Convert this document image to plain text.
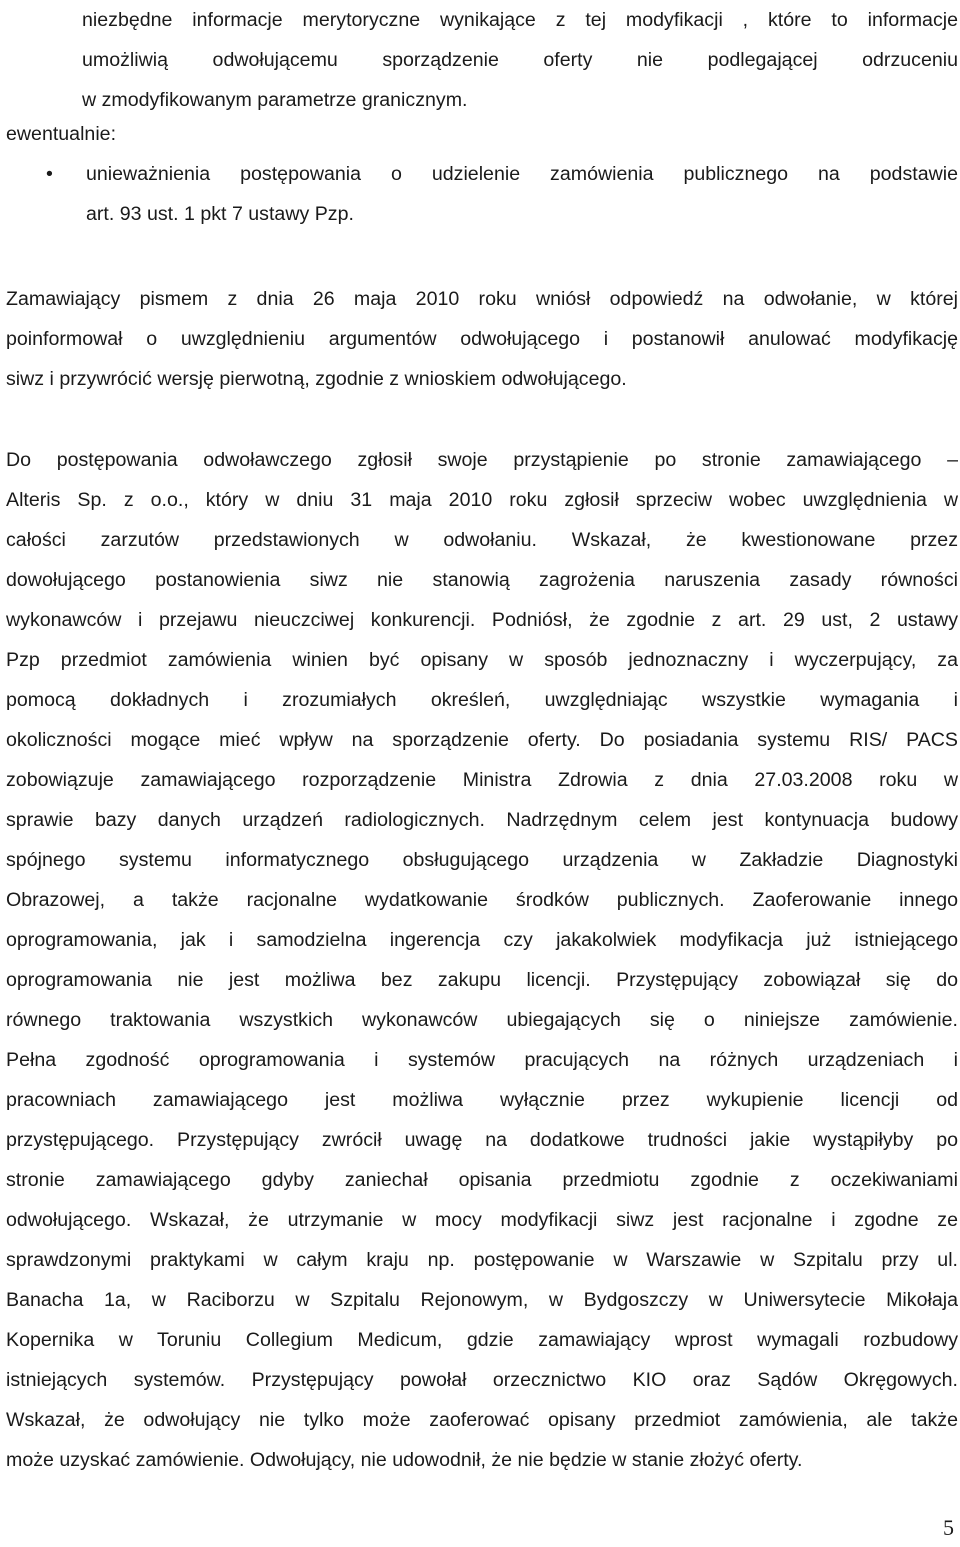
niezbędne informacje merytoryczne wynikające z tej modyfikacji , które to informacje
umożliwią odwołującemu sporządzenie oferty nie podlegającej odrzuceniu
w zmodyfikowanym parametrze granicznym.
ewentualnie:
• unieważnienia postępowania o udzielenie zamówienia publicznego na podstawie
art. 93 ust. 1 pkt 7 ustawy Pzp.
Zamawiający pismem z dnia 26 maja 2010 roku wniósł odpowiedź na odwołanie, w której
poinformował o uwzględnieniu argumentów odwołującego i postanowił anulować modyfikację
siwz i przywrócić wersję pierwotną, zgodnie z wnioskiem odwołującego.
Do postępowania odwoławczego zgłosił swoje przystąpienie po stronie zamawiającego –
Alteris Sp. z o.o., który w dniu 31 maja 2010 roku zgłosił sprzeciw wobec uwzględnienia w
całości zarzutów przedstawionych w odwołaniu. Wskazał, że kwestionowane przez
dowołującego postanowienia siwz nie stanowią zagrożenia naruszenia zasady równości
wykonawców i przejawu nieuczciwej konkurencji. Podniósł, że zgodnie z art. 29 ust, 2 ustawy
Pzp przedmiot zamówienia winien być opisany w sposób jednoznaczny i wyczerpujący, za
pomocą dokładnych i zrozumiałych określeń, uwzględniając wszystkie wymagania i
okoliczności mogące mieć wpływ na sporządzenie oferty. Do posiadania systemu RIS/ PACS
zobowiązuje zamawiającego rozporządzenie Ministra Zdrowia z dnia 27.03.2008 roku w
sprawie bazy danych urządzeń radiologicznych. Nadrzędnym celem jest kontynuacja budowy
spójnego systemu informatycznego obsługującego urządzenia w Zakładzie Diagnostyki
Obrazowej, a także racjonalne wydatkowanie środków publicznych. Zaoferowanie innego
oprogramowania, jak i samodzielna ingerencja czy jakakolwiek modyfikacja już istniejącego
oprogramowania nie jest możliwa bez zakupu licencji. Przystępujący zobowiązał się do
równego traktowania wszystkich wykonawców ubiegających się o niniejsze zamówienie.
Pełna zgodność oprogramowania i systemów pracujących na różnych urządzeniach i
pracowniach zamawiającego jest możliwa wyłącznie przez wykupienie licencji od
przystępującego. Przystępujący zwrócił uwagę na dodatkowe trudności jakie wystąpiłyby po
stronie zamawiającego gdyby zaniechał opisania przedmiotu zgodnie z oczekiwaniami
odwołującego. Wskazał, że utrzymanie w mocy modyfikacji siwz jest racjonalne i zgodne ze
sprawdzonymi praktykami w całym kraju np. postępowanie w Warszawie w Szpitalu przy ul.
Banacha 1a, w Raciborzu w Szpitalu Rejonowym, w Bydgoszczy w Uniwersytecie Mikołaja
Kopernika w Toruniu Collegium Medicum, gdzie zamawiający wprost wymagali rozbudowy
istniejących systemów. Przystępujący powołał orzecznictwo KIO oraz Sądów Okręgowych.
Wskazał, że odwołujący nie tylko może zaoferować opisany przedmiot zamówienia, ale także
może uzyskać zamówienie. Odwołujący, nie udowodnił, że nie będzie w stanie złożyć oferty.
5
